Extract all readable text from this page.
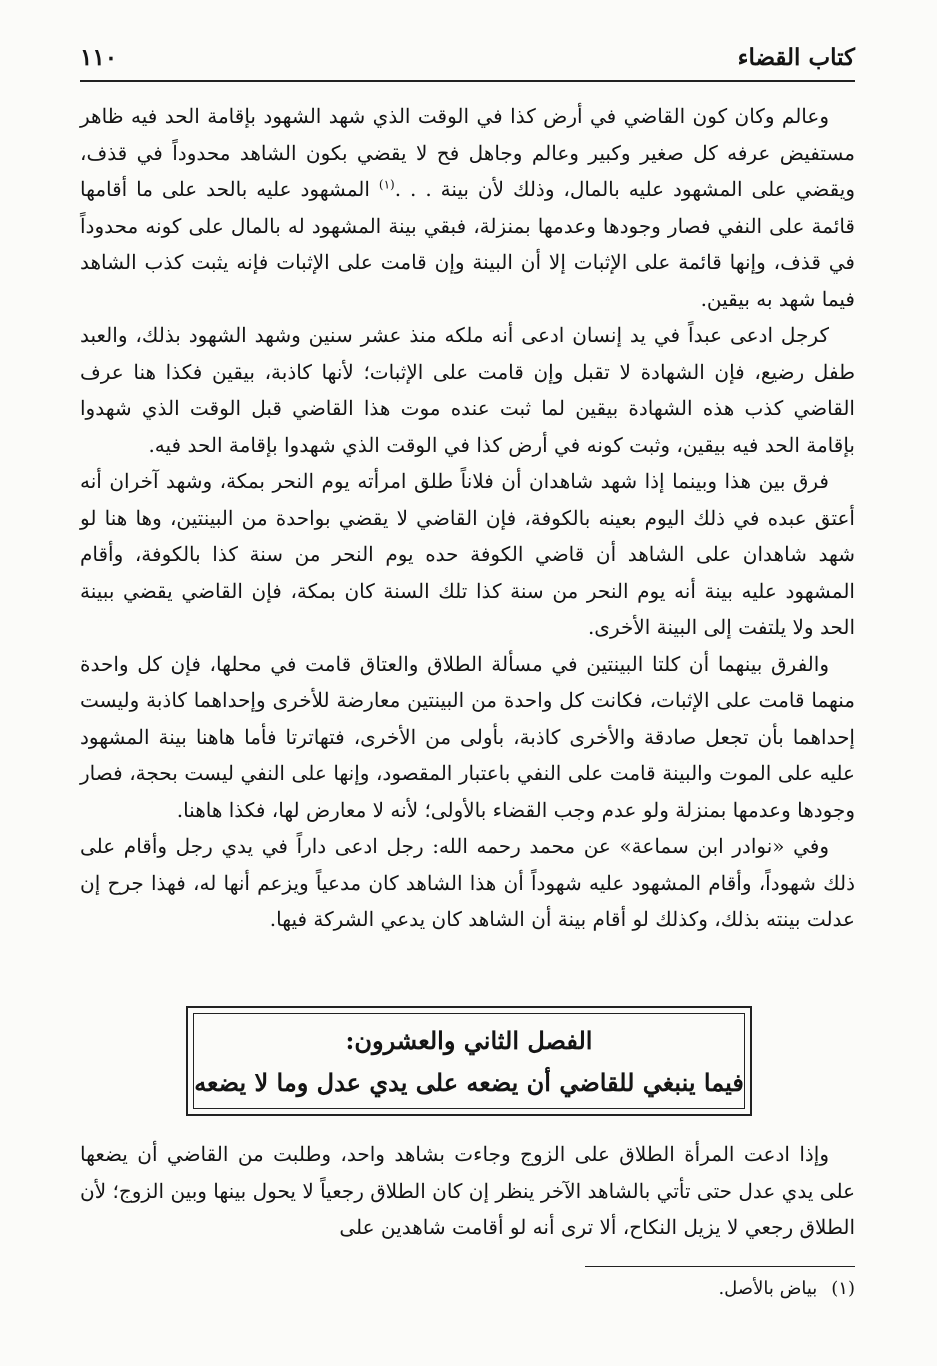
كتاب القضاء
١١٠

وعالم وكان كون القاضي في أرض كذا في الوقت الذي شهد الشهود بإقامة الحد فيه ظاهر مستفيض عرفه كل صغير وكبير وعالم وجاهل فح لا يقضي بكون الشاهد محدوداً في قذف، ويقضي على المشهود عليه بالمال، وذلك لأن بينة . . .$^{(١)}$ المشهود عليه بالحد على ما أقامها قائمة على النفي فصار وجودها وعدمها بمنزلة، فبقي بينة المشهود له بالمال على كونه محدوداً في قذف، وإنها قائمة على الإثبات إلا أن البينة وإن قامت على الإثبات فإنه يثبت كذب الشاهد فيما شهد به بيقين.

كرجل ادعى عبداً في يد إنسان ادعى أنه ملكه منذ عشر سنين وشهد الشهود بذلك، والعبد طفل رضيع، فإن الشهادة لا تقبل وإن قامت على الإثبات؛ لأنها كاذبة، بيقين فكذا هنا عرف القاضي كذب هذه الشهادة بيقين لما ثبت عنده موت هذا القاضي قبل الوقت الذي شهدوا بإقامة الحد فيه بيقين، وثبت كونه في أرض كذا في الوقت الذي شهدوا بإقامة الحد فيه.

فرق بين هذا وبينما إذا شهد شاهدان أن فلاناً طلق امرأته يوم النحر بمكة، وشهد آخران أنه أعتق عبده في ذلك اليوم بعينه بالكوفة، فإن القاضي لا يقضي بواحدة من البينتين، وها هنا لو شهد شاهدان على الشاهد أن قاضي الكوفة حده يوم النحر من سنة كذا بالكوفة، وأقام المشهود عليه بينة أنه يوم النحر من سنة كذا تلك السنة كان بمكة، فإن القاضي يقضي ببينة الحد ولا يلتفت إلى البينة الأخرى.

والفرق بينهما أن كلتا البينتين في مسألة الطلاق والعتاق قامت في محلها، فإن كل واحدة منهما قامت على الإثبات، فكانت كل واحدة من البينتين معارضة للأخرى وإحداهما كاذبة وليست إحداهما بأن تجعل صادقة والأخرى كاذبة، بأولى من الأخرى، فتهاترتا فأما هاهنا بينة المشهود عليه على الموت والبينة قامت على النفي باعتبار المقصود، وإنها على النفي ليست بحجة، فصار وجودها وعدمها بمنزلة ولو عدم وجب القضاء بالأولى؛ لأنه لا معارض لها، فكذا هاهنا.

وفي «نوادر ابن سماعة» عن محمد رحمه الله: رجل ادعى داراً في يدي رجل وأقام على ذلك شهوداً، وأقام المشهود عليه شهوداً أن هذا الشاهد كان مدعياً ويزعم أنها له، فهذا جرح إن عدلت بينته بذلك، وكذلك لو أقام بينة أن الشاهد كان يدعي الشركة فيها.

الفصل الثاني والعشرون:
فيما ينبغي للقاضي أن يضعه على يدي عدل وما لا يضعه

وإذا ادعت المرأة الطلاق على الزوج وجاءت بشاهد واحد، وطلبت من القاضي أن يضعها على يدي عدل حتى تأتي بالشاهد الآخر ينظر إن كان الطلاق رجعياً لا يحول بينها وبين الزوج؛ لأن الطلاق رجعي لا يزيل النكاح، ألا ترى أنه لو أقامت شاهدين على

(١)بياض بالأصل.
